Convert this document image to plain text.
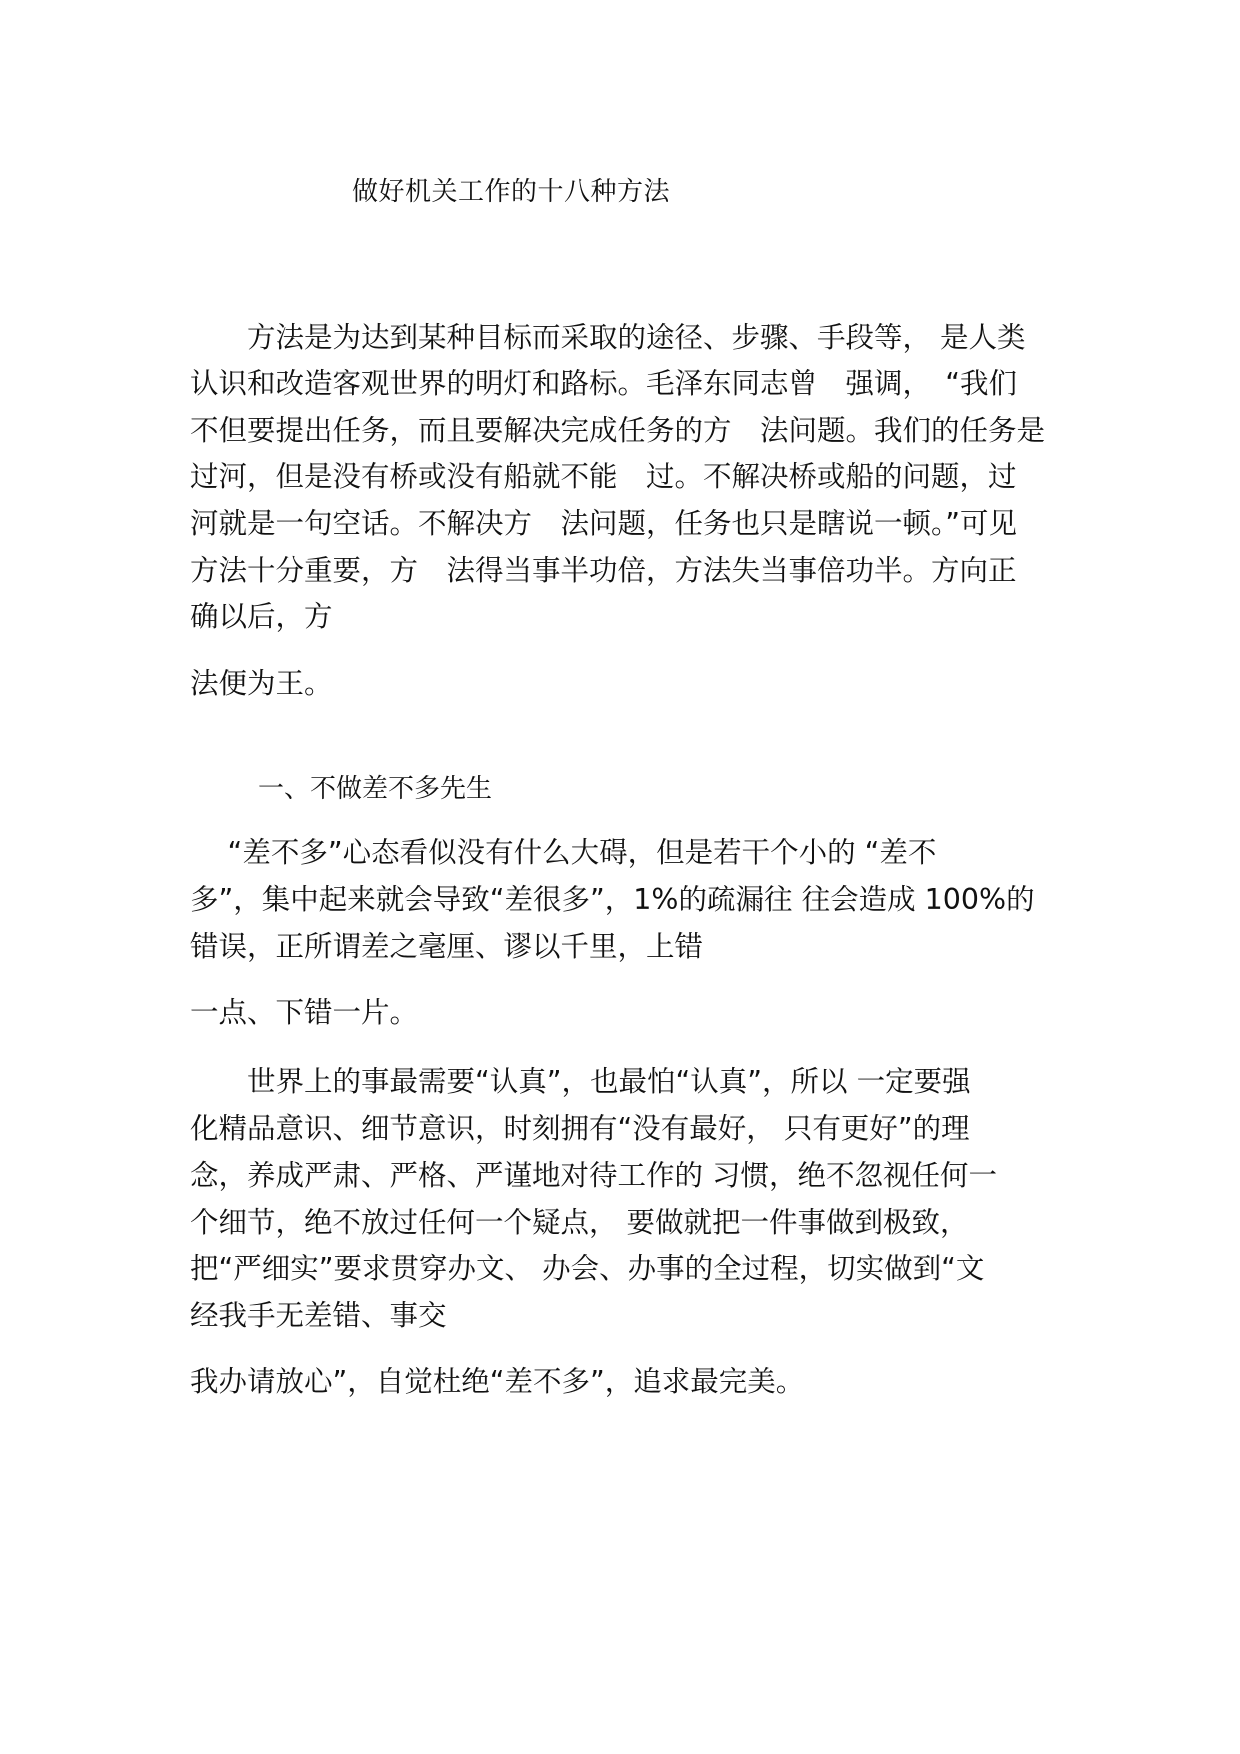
做好机关工作的十八种方法
　　方法是为达到某种目标而采取的途径、步骤、手段等， 是人类
认识和改造客观世界的明灯和路标。毛泽东同志曾　强调，　“我们
不但要提出任务，而且要解决完成任务的方　法问题。我们的任务是
过河，但是没有桥或没有船就不能　过。不解决桥或船的问题，过
河就是一句空话。不解决方　法问题，任务也只是瞎说一顿。”可见
方法十分重要，方　法得当事半功倍，方法失当事倍功半。方向正
确以后，方
法便为王。
一、不做差不多先生
　 “差不多”心态看似没有什么大碍，但是若干个小的 “差不
多”，集中起来就会导致“差很多”，1%的疏漏往 往会造成 100%的
错误，正所谓差之毫厘、谬以千里，上错
一点、下错一片。
　　世界上的事最需要“认真”，也最怕“认真”，所以 一定要强
化精品意识、细节意识，时刻拥有“没有最好， 只有更好”的理
念，养成严肃、严格、严谨地对待工作的 习惯，绝不忽视任何一
个细节，绝不放过任何一个疑点， 要做就把一件事做到极致，
把“严细实”要求贯穿办文、 办会、办事的全过程，切实做到“文
经我手无差错、事交
我办请放心”，自觉杜绝“差不多”，追求最完美。
